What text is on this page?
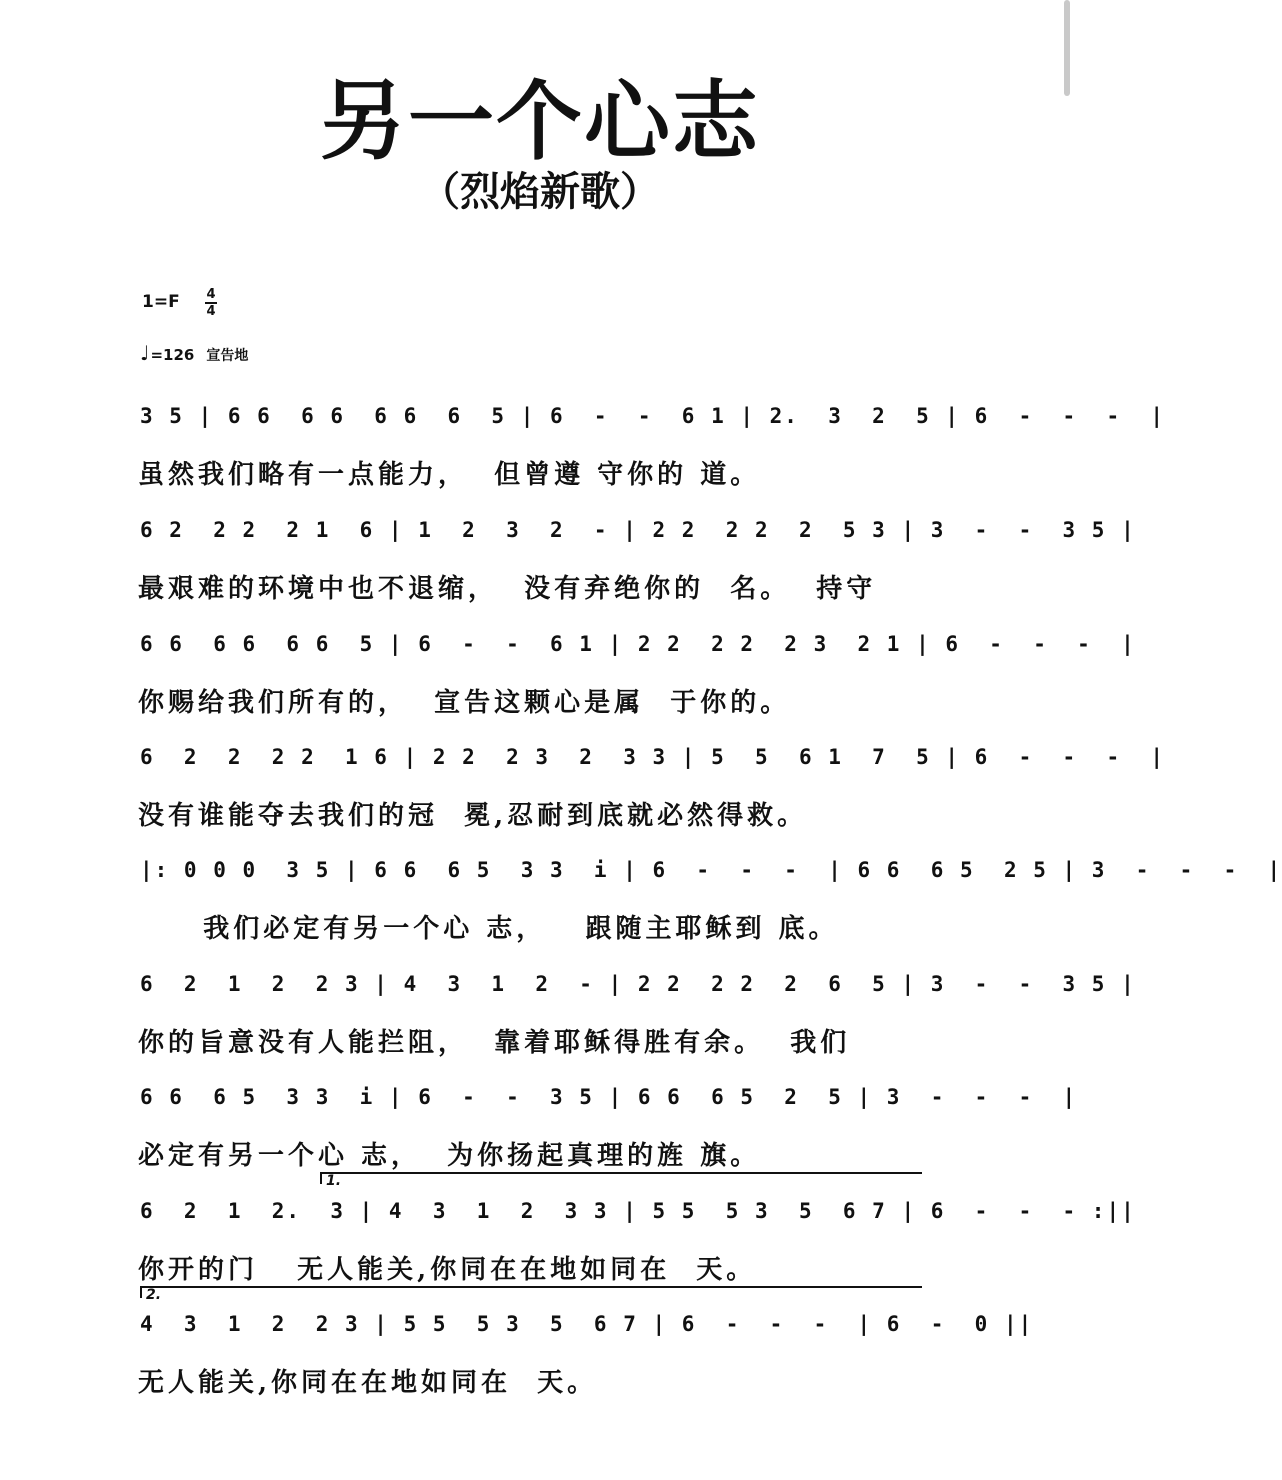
另一个心志
（烈焰新歌）
1=F 4
4
♩=126 宣告地
3 5 | 6 6  6 6  6 6  6  5 | 6  -  -  6 1 | 2.  3  2  5 | 6  -  -  -  |
虽然我们略有一点能力，  但曾遵 守你的 道。
6 2  2 2  2 1  6 | 1  2  3  2  - | 2 2  2 2  2  5 3 | 3  -  -  3 5 |
最艰难的环境中也不退缩，  没有弃绝你的  名。  持守
6 6  6 6  6 6  5 | 6  -  -  6 1 | 2 2  2 2  2 3  2 1 | 6  -  -  -  |
你赐给我们所有的，  宣告这颗心是属  于你的。
6  2  2  2 2  1 6 | 2 2  2 3  2  3 3 | 5  5  6 1  7  5 | 6  -  -  -  |
没有谁能夺去我们的冠  冕,忍耐到底就必然得救。
|: 0 0 0  3 5 | 6 6  6 5  3 3  i | 6  -  -  -  | 6 6  6 5  2 5 | 3  -  -  -  |
我们必定有另一个心 志，   跟随主耶稣到 底。
6  2  1  2  2 3 | 4  3  1  2  - | 2 2  2 2  2  6  5 | 3  -  -  3 5 |
你的旨意没有人能拦阻，  靠着耶稣得胜有余。  我们
6 6  6 5  3 3  i | 6  -  -  3 5 | 6 6  6 5  2  5 | 3  -  -  -  |
必定有另一个心 志，  为你扬起真理的旌 旗。
1.
6  2  1  2.  3 | 4  3  1  2  3 3 | 5 5  5 3  5  6 7 | 6  -  -  - :||
你开的门   无人能关,你同在在地如同在  天。
2.
4  3  1  2  2 3 | 5 5  5 3  5  6 7 | 6  -  -  -  | 6  -  0 ||
无人能关,你同在在地如同在  天。
